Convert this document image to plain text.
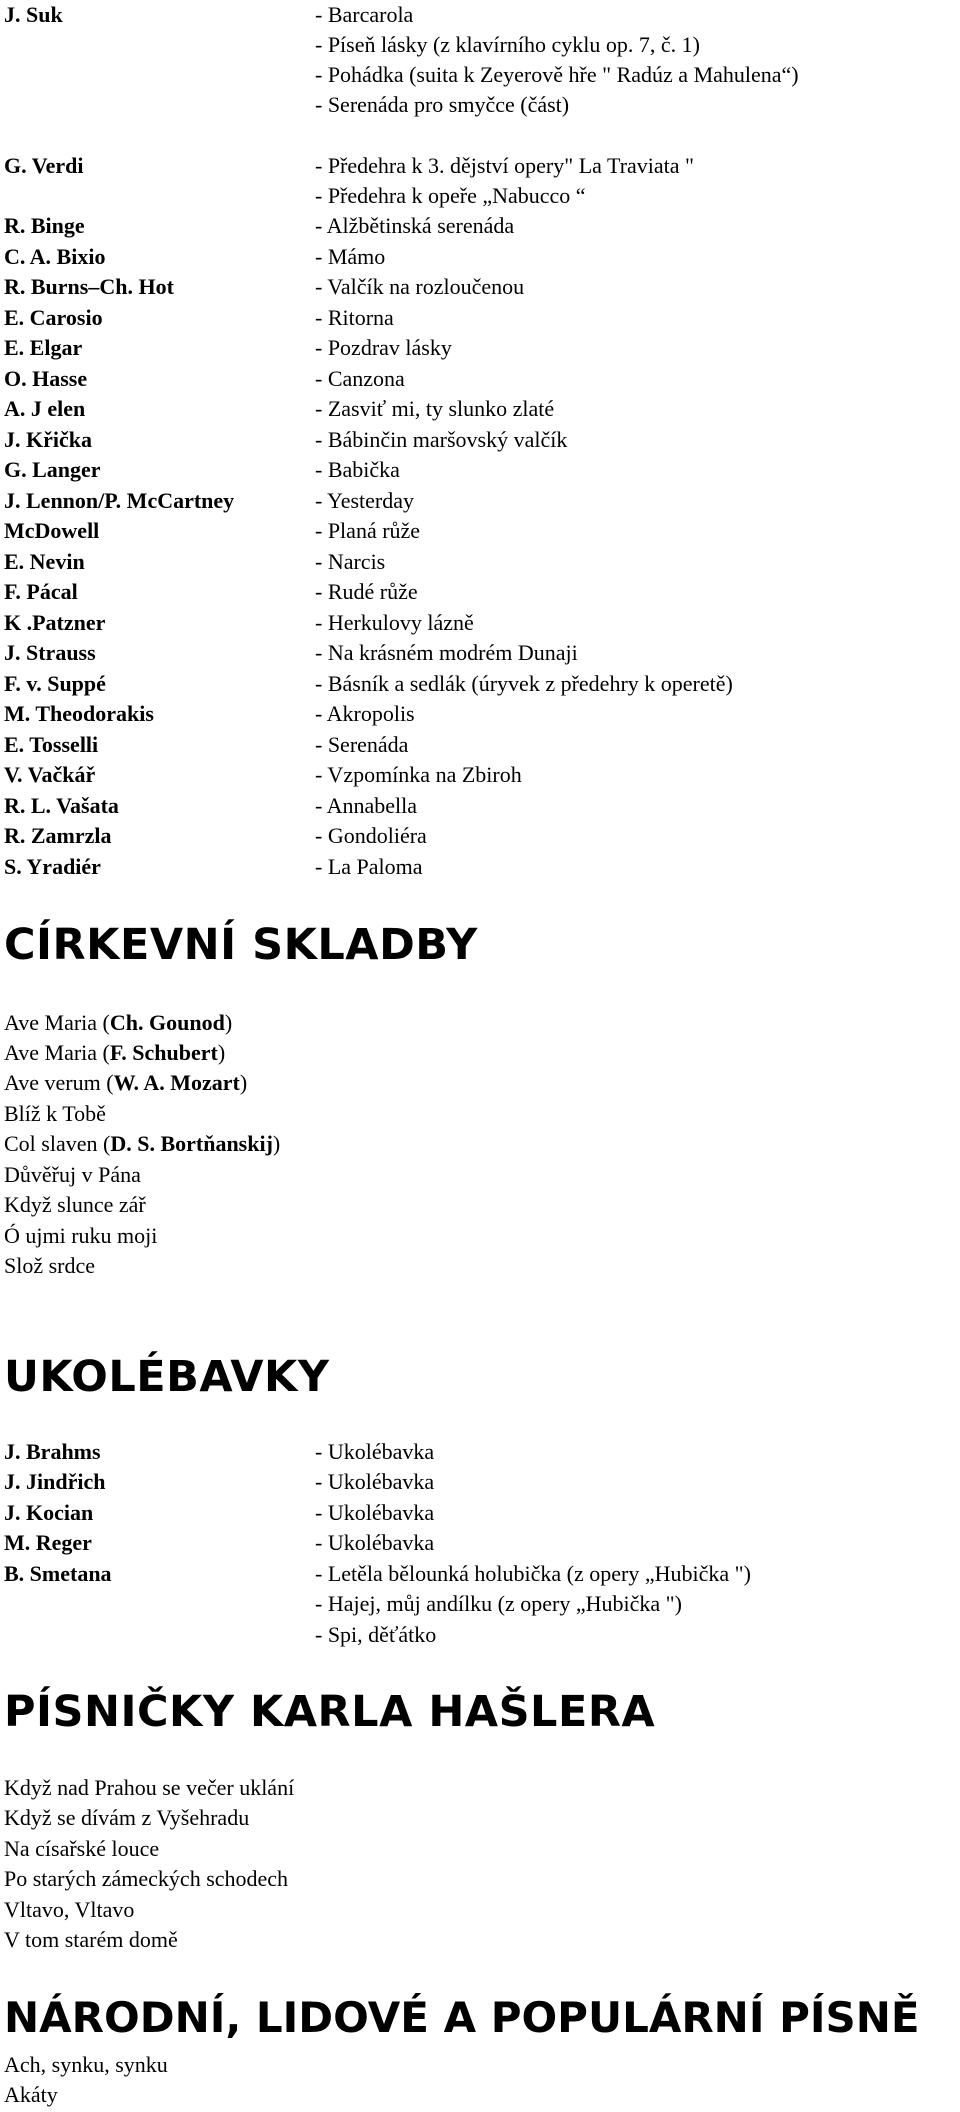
J. Suk	- Barcarola
- Píseň lásky (z klavírního cyklu op. 7, č. 1)
- Pohádka (suita k Zeyerově hře " Radúz a Mahulena“)
- Serenáda pro smyčce (část)
G. Verdi	- Předehra k 3. dějství opery" La Traviata "
- Předehra k opeře „Nabucco “
R. Binge	- Alžbětinská serenáda
C. A. Bixio	- Mámo
R. Burns–Ch. Hot	- Valčík na rozloučenou
E. Carosio	- Ritorna
E. Elgar	- Pozdrav lásky
O. Hasse	- Canzona
A. J elen	- Zasviť mi, ty slunko zlaté
J. Křička	- Bábinčin maršovský valčík
G. Langer	- Babička
J. Lennon/P. McCartney	- Yesterday
McDowell	- Planá růže
E. Nevin	- Narcis
F. Pácal	- Rudé růže
K .Patzner	- Herkulovy lázně
J. Strauss	- Na krásném modrém Dunaji
F. v. Suppé	- Básník a sedlák (úryvek z předehry k operetě)
M. Theodorakis	- Akropolis
E. Tosselli	- Serenáda
V. Vačkář	- Vzpomínka na Zbiroh
R. L. Vašata	- Annabella
R. Zamrzla	- Gondoliéra
S. Yradiér	- La Paloma
CÍRKEVNÍ SKLADBY
Ave Maria (Ch. Gounod)
Ave Maria (F. Schubert)
Ave verum (W. A. Mozart)
Blíž k Tobě
Col slaven (D. S. Bortňanskij)
Důvěřuj v Pána
Když slunce zář
Ó ujmi ruku moji
Slož srdce
UKOLÉBAVKY
J. Brahms	- Ukolébavka
J. Jindřich	- Ukolébavka
J. Kocian	- Ukolébavka
M. Reger	- Ukolébavka
B. Smetana	- Letěla bělounká holubička (z opery „Hubička ")
- Hajej, můj andílku (z opery „Hubička ")
- Spi, děťátko
PÍSNIČKY KARLA HAŠLERA
Když nad Prahou se večer uklání
Když se dívám z Vyšehradu
Na císařské louce
Po starých zámeckých schodech
Vltavo, Vltavo
V tom starém domě
NÁRODNÍ, LIDOVÉ A POPULÁRNÍ PÍSNĚ
Ach, synku, synku
Akáty
